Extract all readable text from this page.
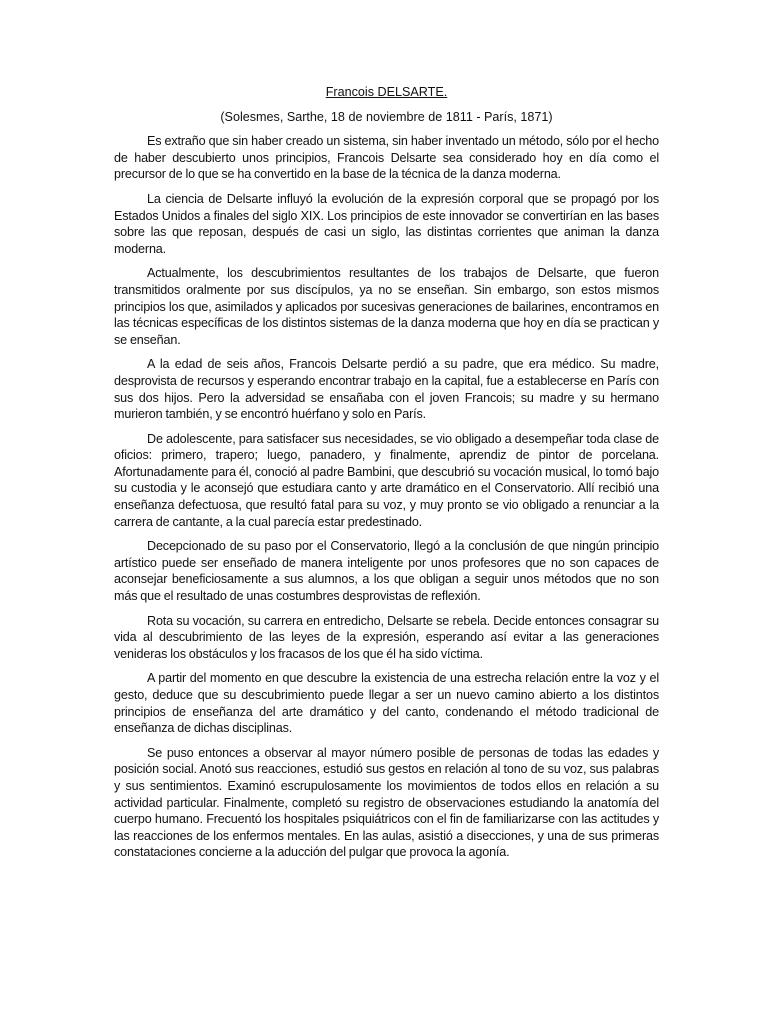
Francois DELSARTE.
(Solesmes, Sarthe, 18 de noviembre de 1811 - París, 1871)

Es extraño que sin haber creado un sistema, sin haber inventado un método, sólo por el hecho de haber descubierto unos principios, Francois Delsarte sea considerado hoy en día como el precursor de lo que se ha convertido en la base de la técnica de la danza moderna.

La ciencia de Delsarte influyó la evolución de la expresión corporal que se propagó por los Estados Unidos a finales del siglo XIX. Los principios de este innovador se convertirían en las bases sobre las que reposan, después de casi un siglo, las distintas corrientes que animan la danza moderna.

Actualmente, los descubrimientos resultantes de los trabajos de Delsarte, que fueron transmitidos oralmente por sus discípulos, ya no se enseñan. Sin embargo, son estos mismos principios los que, asimilados y aplicados por sucesivas generaciones de bailarines, encontramos en las técnicas específicas de los distintos sistemas de la danza moderna que hoy en día se practican y se enseñan.

A la edad de seis años, Francois Delsarte perdió a su padre, que era médico. Su madre, desprovista de recursos y esperando encontrar trabajo en la capital, fue a establecerse en París con sus dos hijos. Pero la adversidad se ensañaba con el joven Francois; su madre y su hermano murieron también, y se encontró huérfano y solo en París.

De adolescente, para satisfacer sus necesidades, se vio obligado a desempeñar toda clase de oficios: primero, trapero; luego, panadero, y finalmente, aprendiz de pintor de porcelana. Afortunadamente para él, conoció al padre Bambini, que descubrió su vocación musical, lo tomó bajo su custodia y le aconsejó que estudiara canto y arte dramático en el Conservatorio. Allí recibió una enseñanza defectuosa, que resultó fatal para su voz, y muy pronto se vio obligado a renunciar a la carrera de cantante, a la cual parecía estar predestinado.

Decepcionado de su paso por el Conservatorio, llegó a la conclusión de que ningún principio artístico puede ser enseñado de manera inteligente por unos profesores que no son capaces de aconsejar beneficiosamente a sus alumnos, a los que obligan a seguir unos métodos que no son más que el resultado de unas costumbres desprovistas de reflexión.

Rota su vocación, su carrera en entredicho, Delsarte se rebela. Decide entonces consagrar su vida al descubrimiento de las leyes de la expresión, esperando así evitar a las generaciones venideras los obstáculos y los fracasos de los que él ha sido víctima.

A partir del momento en que descubre la existencia de una estrecha relación entre la voz y el gesto, deduce que su descubrimiento puede llegar a ser un nuevo camino abierto a los distintos principios de enseñanza del arte dramático y del canto, condenando el método tradicional de enseñanza de dichas disciplinas.

Se puso entonces a observar al mayor número posible de personas de todas las edades y posición social. Anotó sus reacciones, estudió sus gestos en relación al tono de su voz, sus palabras y sus sentimientos. Examinó escrupulosamente los movimientos de todos ellos en relación a su actividad particular. Finalmente, completó su registro de observaciones estudiando la anatomía del cuerpo humano. Frecuentó los hospitales psiquiátricos con el fin de familiarizarse con las actitudes y las reacciones de los enfermos mentales. En las aulas, asistió a disecciones, y una de sus primeras constataciones concierne a la aducción del pulgar que provoca la agonía.
